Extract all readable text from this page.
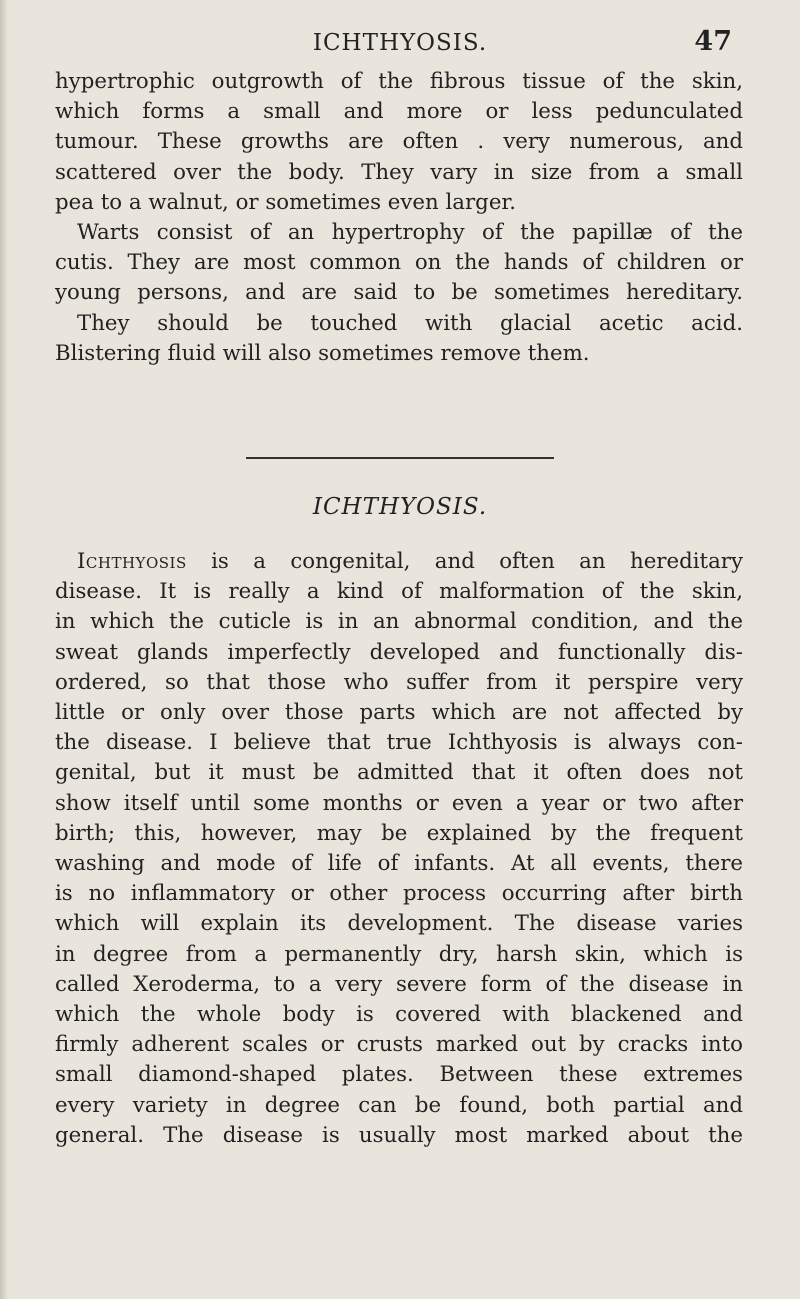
ICHTHYOSIS.	47
hypertrophic outgrowth of the fibrous tissue of the skin,
which forms a small and more or less pedunculated
tumour. These growths are often . very numerous, and
scattered over the body. They vary in size from a small
pea to a walnut, or sometimes even larger.
Warts consist of an hypertrophy of the papillæ of the
cutis. They are most common on the hands of children or
young persons, and are said to be sometimes hereditary.
They should be touched with glacial acetic acid.
Blistering fluid will also sometimes remove them.
ICHTHYOSIS.
Ichthyosis is a congenital, and often an hereditary
disease. It is really a kind of malformation of the skin,
in which the cuticle is in an abnormal condition, and the
sweat glands imperfectly developed and functionally dis-
ordered, so that those who suffer from it perspire very
little or only over those parts which are not affected by
the disease. I believe that true Ichthyosis is always con-
genital, but it must be admitted that it often does not
show itself until some months or even a year or two after
birth; this, however, may be explained by the frequent
washing and mode of life of infants. At all events, there
is no inflammatory or other process occurring after birth
which will explain its development. The disease varies
in degree from a permanently dry, harsh skin, which is
called Xeroderma, to a very severe form of the disease in
which the whole body is covered with blackened and
firmly adherent scales or crusts marked out by cracks into
small diamond-shaped plates. Between these extremes
every variety in degree can be found, both partial and
general. The disease is usually most marked about the
